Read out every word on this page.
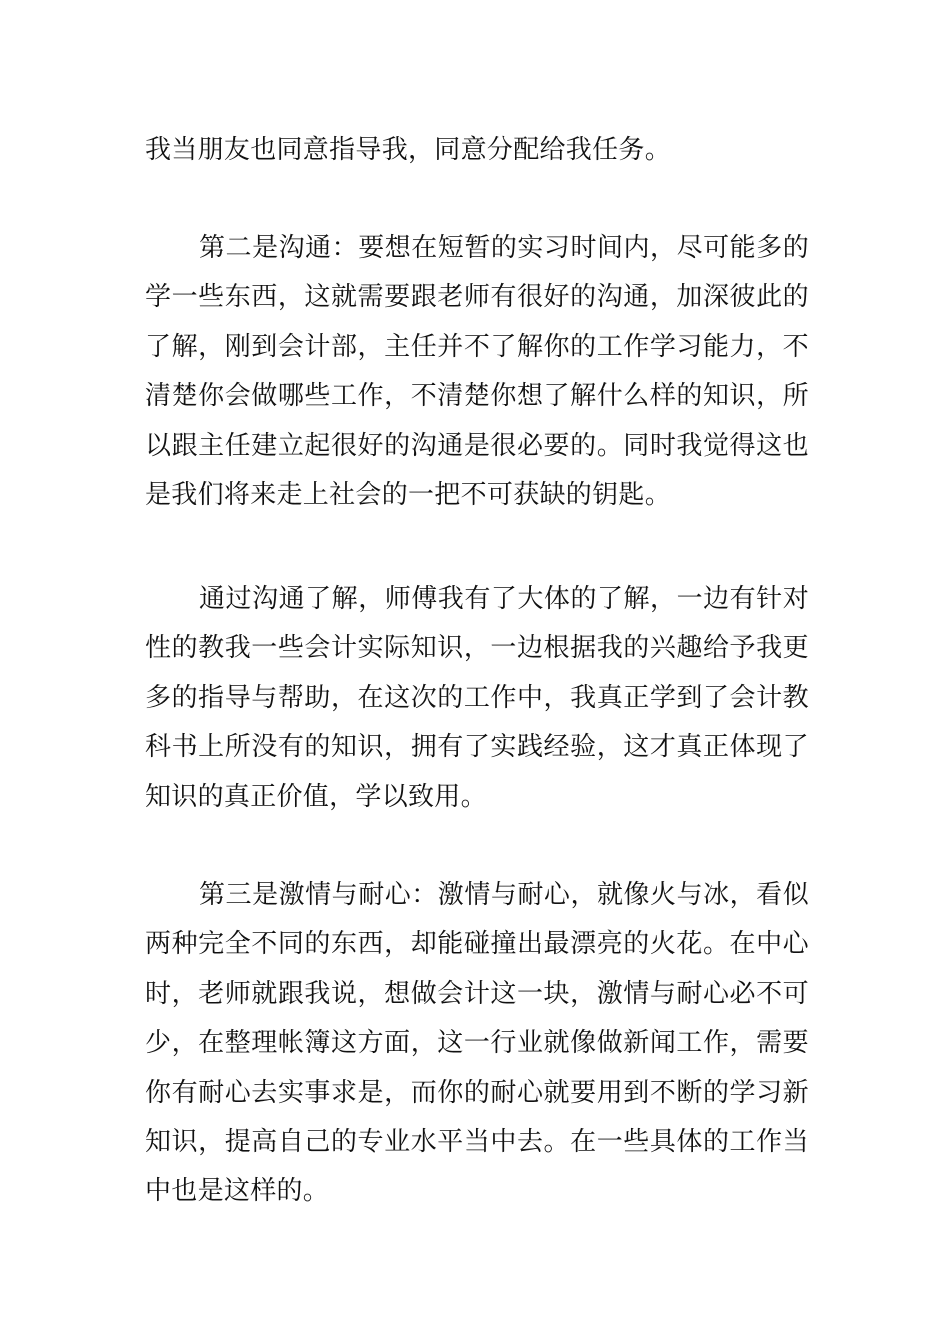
我当朋友也同意指导我，同意分配给我任务。

第二是沟通：要想在短暂的实习时间内，尽可能多的学一些东西，这就需要跟老师有很好的沟通，加深彼此的了解，刚到会计部，主任并不了解你的工作学习能力，不清楚你会做哪些工作，不清楚你想了解什么样的知识，所以跟主任建立起很好的沟通是很必要的。同时我觉得这也是我们将来走上社会的一把不可获缺的钥匙。

通过沟通了解，师傅我有了大体的了解，一边有针对性的教我一些会计实际知识，一边根据我的兴趣给予我更多的指导与帮助，在这次的工作中，我真正学到了会计教科书上所没有的知识，拥有了实践经验，这才真正体现了知识的真正价值，学以致用。

第三是激情与耐心：激情与耐心，就像火与冰，看似两种完全不同的东西，却能碰撞出最漂亮的火花。在中心时，老师就跟我说，想做会计这一块，激情与耐心必不可少，在整理帐簿这方面，这一行业就像做新闻工作，需要你有耐心去实事求是，而你的耐心就要用到不断的学习新知识，提高自己的专业水平当中去。在一些具体的工作当中也是这样的。
